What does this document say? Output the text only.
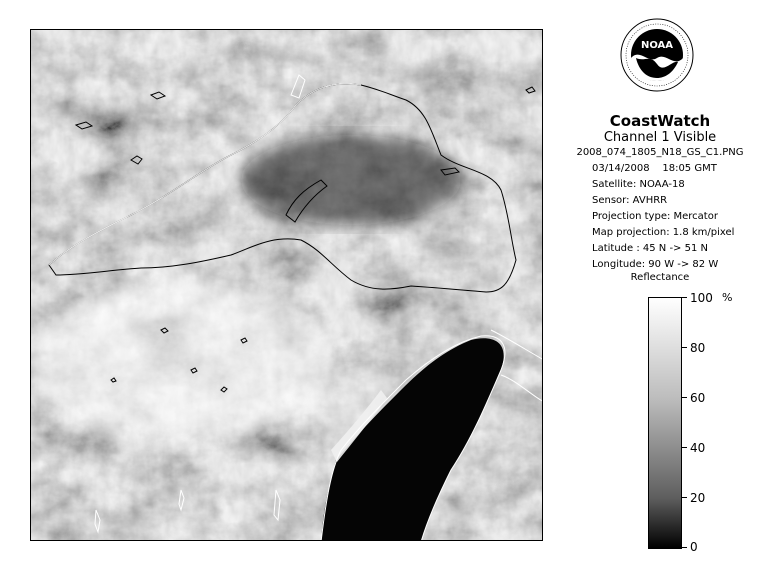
NOAA
CoastWatch
Channel 1 Visible
2008_074_1805_N18_GS_C1.PNG
03/14/2008    18:05 GMT
Satellite: NOAA-18
Sensor: AVHRR
Projection type: Mercator
Map projection: 1.8 km/pixel
Latitude : 45 N -> 51 N
Longitude: 90 W -> 82 W
Reflectance
%
100
80
60
40
20
0
